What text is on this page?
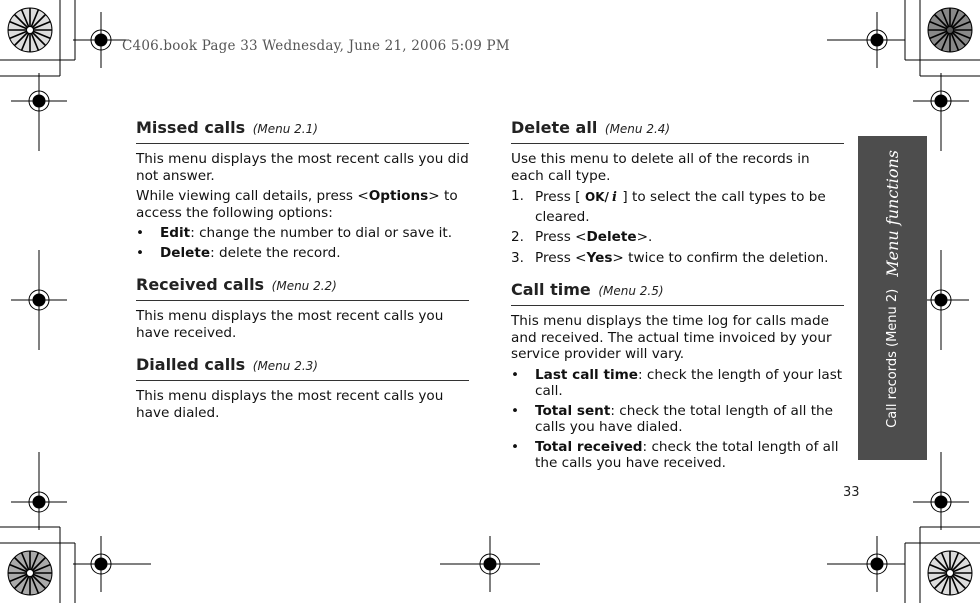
C406.book Page 33 Wednesday, June 21, 2006 5:09 PM
Missed calls (Menu 2.1)

This menu displays the most recent calls you did not answer.

While viewing call details, press <Options> to access the following options:

• Edit: change the number to dial or save it.
• Delete: delete the record.
Received calls (Menu 2.2)

This menu displays the most recent calls you have received.

Dialled calls (Menu 2.3)

This menu displays the most recent calls you have dialed.

Delete all (Menu 2.4)

Use this menu to delete all of the records in each call type.

1. Press [ OK/ i ] to select the call types to be cleared.
2. Press <Delete>.
3. Press <Yes> twice to confirm the deletion.
Call time (Menu 2.5)

This menu displays the time log for calls made and received. The actual time invoiced by your service provider will vary.

• Last call time: check the length of your last call.
• Total sent: check the total length of all the calls you have dialed.
• Total received: check the total length of all the calls you have received.
Call records (Menu 2)
Menu functions
33
